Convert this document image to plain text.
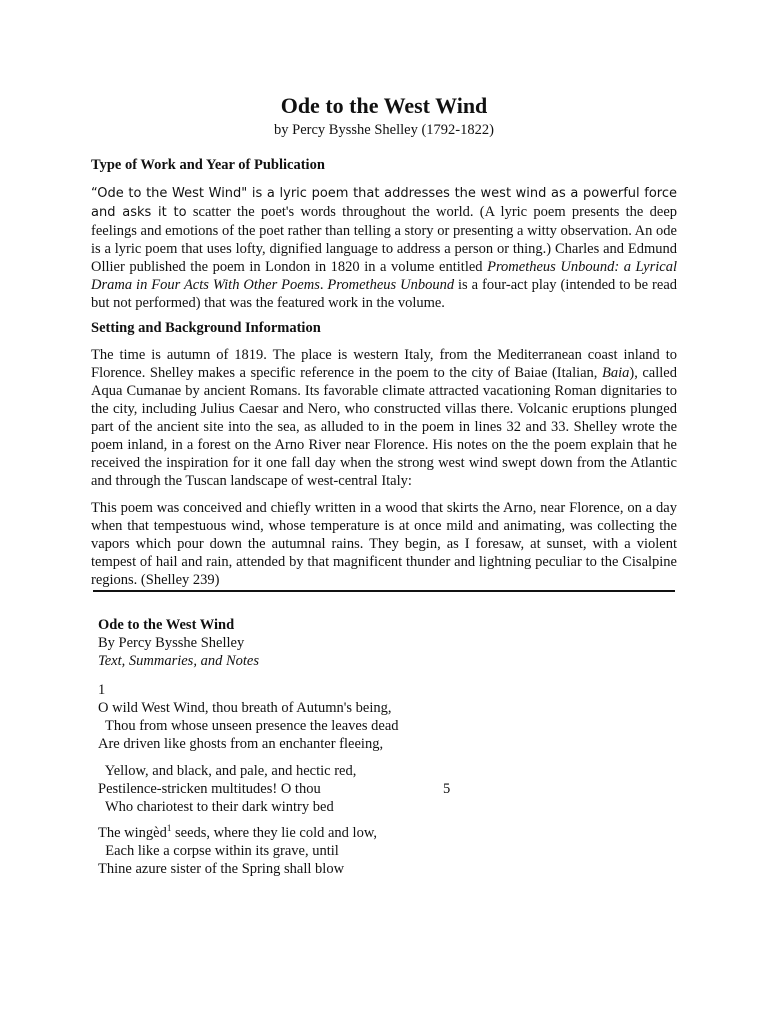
Ode to the West Wind
by Percy Bysshe Shelley (1792-1822)
Type of Work and Year of Publication

“Ode to the West Wind" is a lyric poem that addresses the west wind as a powerful force and asks it to scatter the poet's words throughout the world. (A lyric poem presents the deep feelings and emotions of the poet rather than telling a story or presenting a witty observation. An ode is a lyric poem that uses lofty, dignified language to address a person or thing.) Charles and Edmund Ollier published the poem in London in 1820 in a volume entitled Prometheus Unbound: a Lyrical Drama in Four Acts With Other Poems. Prometheus Unbound is a four-act play (intended to be read but not performed) that was the featured work in the volume.

Setting and Background Information

The time is autumn of 1819. The place is western Italy, from the Mediterranean coast inland to Florence. Shelley makes a specific reference in the poem to the city of Baiae (Italian, Baia), called Aqua Cumanae by ancient Romans. Its favorable climate attracted vacationing Roman dignitaries to the city, including Julius Caesar and Nero, who constructed villas there. Volcanic eruptions plunged part of the ancient site into the sea, as alluded to in the poem in lines 32 and 33. Shelley wrote the poem inland, in a forest on the Arno River near Florence. His notes on the the poem explain that he received the inspiration for it one fall day when the strong west wind swept down from the Atlantic and through the Tuscan landscape of west-central Italy:

This poem was conceived and chiefly written in a wood that skirts the Arno, near Florence, on a day when that tempestuous wind, whose temperature is at once mild and animating, was collecting the vapors which pour down the autumnal rains. They begin, as I foresaw, at sunset, with a violent tempest of hail and rain, attended by that magnificent thunder and lightning peculiar to the Cisalpine regions. (Shelley 239)

Ode to the West Wind
By Percy Bysshe Shelley
Text, Summaries, and Notes
1
O wild West Wind, thou breath of Autumn's being,
Thou from whose unseen presence the leaves dead
Are driven like ghosts from an enchanter fleeing,
Yellow, and black, and pale, and hectic red,
Pestilence-stricken multitudes! O thou	5
Who chariotest to their dark wintry bed
The wingèd$^1$ seeds, where they lie cold and low,
Each like a corpse within its grave, until
Thine azure sister of the Spring shall blow
